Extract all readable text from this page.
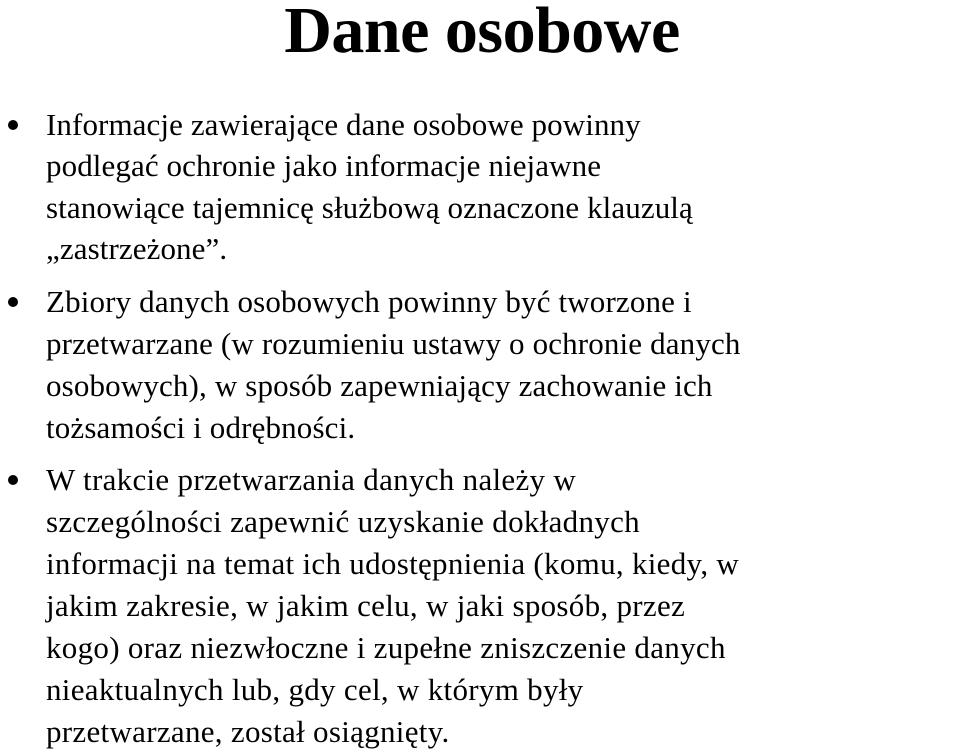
Dane osobowe
Informacje zawierające dane osobowe powinny
podlegać ochronie jako informacje niejawne
stanowiące tajemnicę służbową oznaczone klauzulą
„zastrzeżone”.
Zbiory danych osobowych powinny być tworzone i
przetwarzane (w rozumieniu ustawy o ochronie danych
osobowych), w sposób zapewniający zachowanie ich
tożsamości i odrębności.
W trakcie przetwarzania danych należy w
szczególności zapewnić uzyskanie dokładnych
informacji na temat ich udostępnienia (komu, kiedy, w
jakim zakresie, w jakim celu, w jaki sposób, przez
kogo) oraz niezwłoczne i zupełne zniszczenie danych
nieaktualnych lub, gdy cel, w którym były
przetwarzane, został osiągnięty.
